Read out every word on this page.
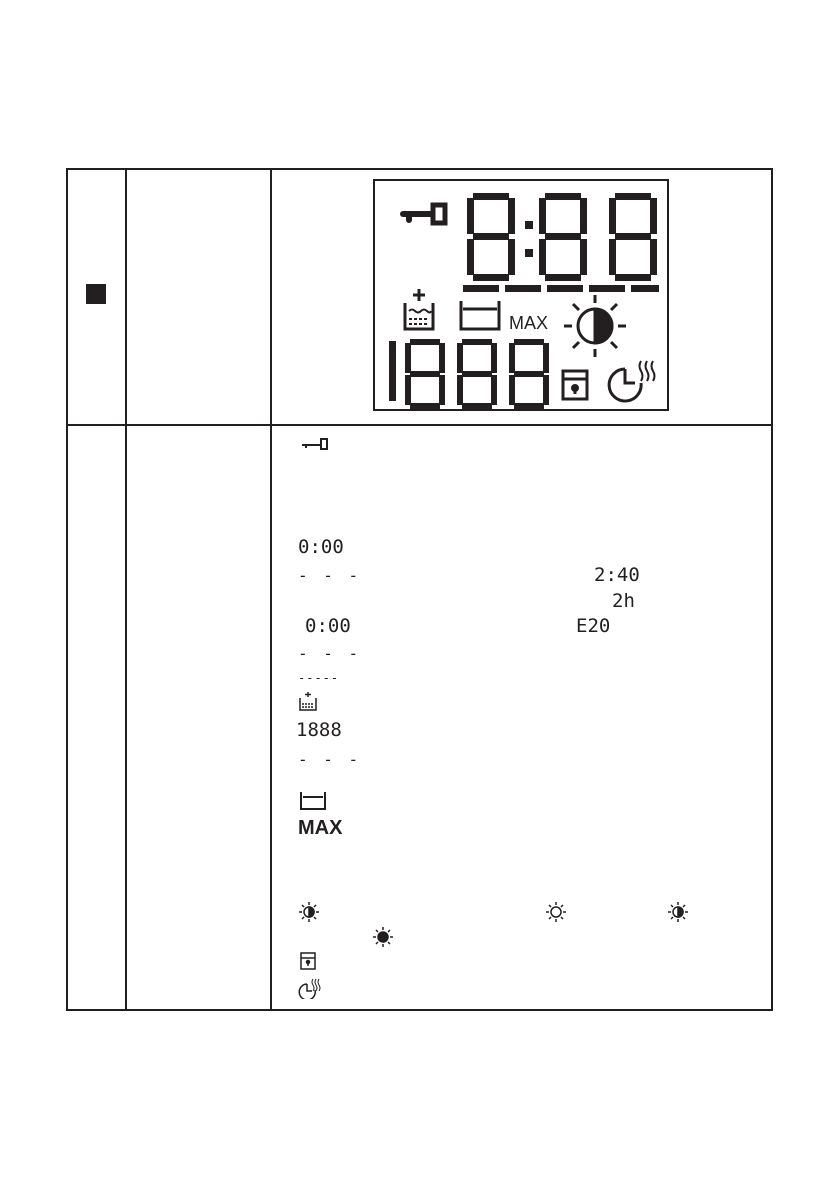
MAX
0:00
- - -	2:40
2h
0:00	E20
- - -
-----
1888
- - -
MAX
